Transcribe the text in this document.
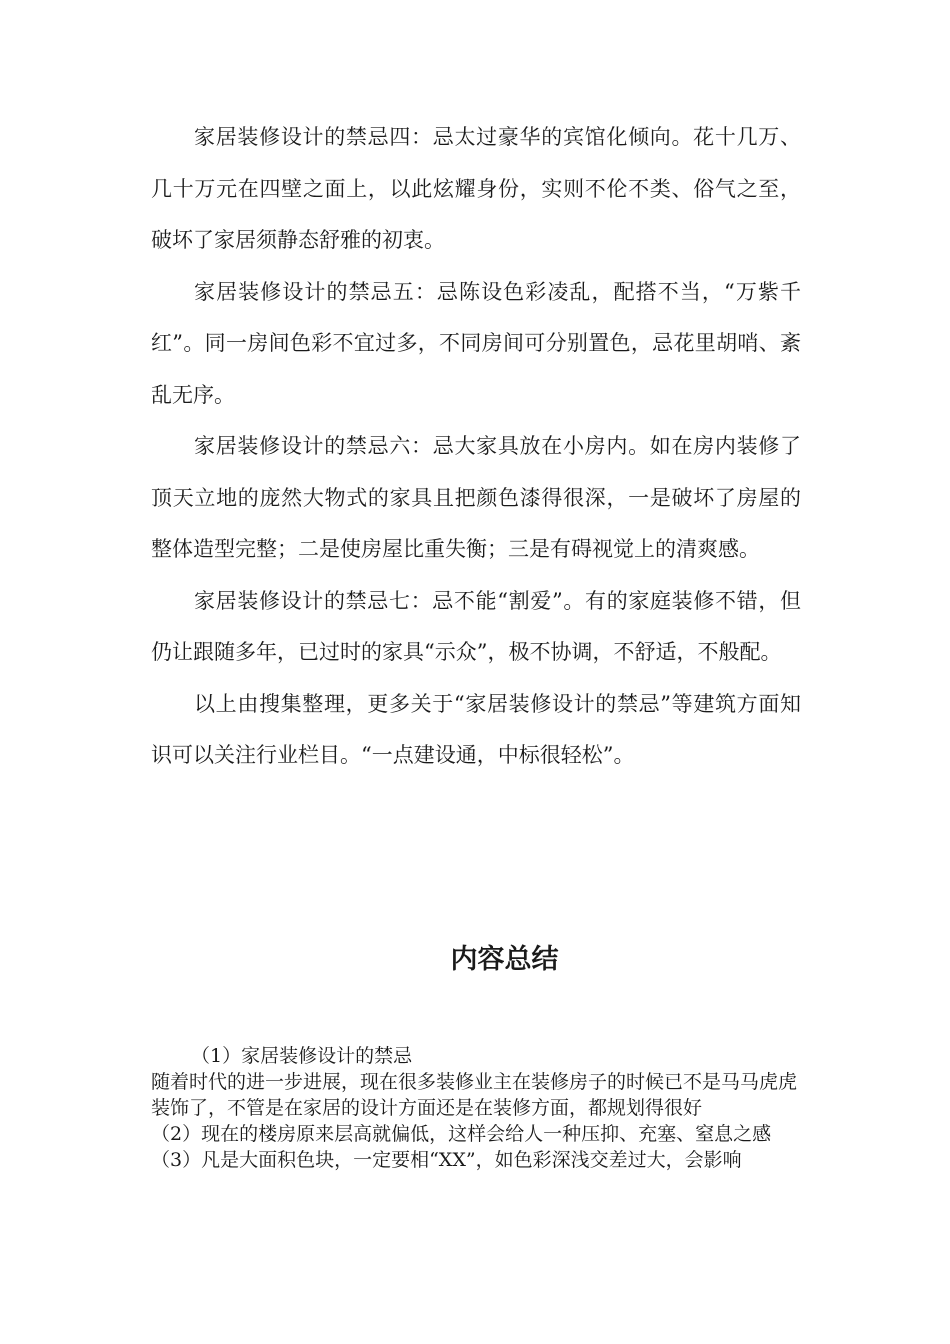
家居装修设计的禁忌四：忌太过豪华的宾馆化倾向。花十几万、几十万元在四壁之面上，以此炫耀身份，实则不伦不类、俗气之至，破坏了家居须静态舒雅的初衷。

家居装修设计的禁忌五：忌陈设色彩凌乱，配搭不当，“万紫千红”。同一房间色彩不宜过多，不同房间可分别置色，忌花里胡哨、紊乱无序。

家居装修设计的禁忌六：忌大家具放在小房内。如在房内装修了顶天立地的庞然大物式的家具且把颜色漆得很深，一是破坏了房屋的整体造型完整；二是使房屋比重失衡；三是有碍视觉上的清爽感。

家居装修设计的禁忌七：忌不能“割爱”。有的家庭装修不错，但仍让跟随多年，已过时的家具“示众”，极不协调，不舒适，不般配。

以上由搜集整理，更多关于“家居装修设计的禁忌”等建筑方面知识可以关注行业栏目。“一点建设通，中标很轻松”。

内容总结

（1）家居装修设计的禁忌

随着时代的进一步进展，现在很多装修业主在装修房子的时候已不是马马虎虎装饰了，不管是在家居的设计方面还是在装修方面，都规划得很好

（2）现在的楼房原来层高就偏低，这样会给人一种压抑、充塞、窒息之感

（3）凡是大面积色块，一定要相“XX”，如色彩深浅交差过大，会影响
